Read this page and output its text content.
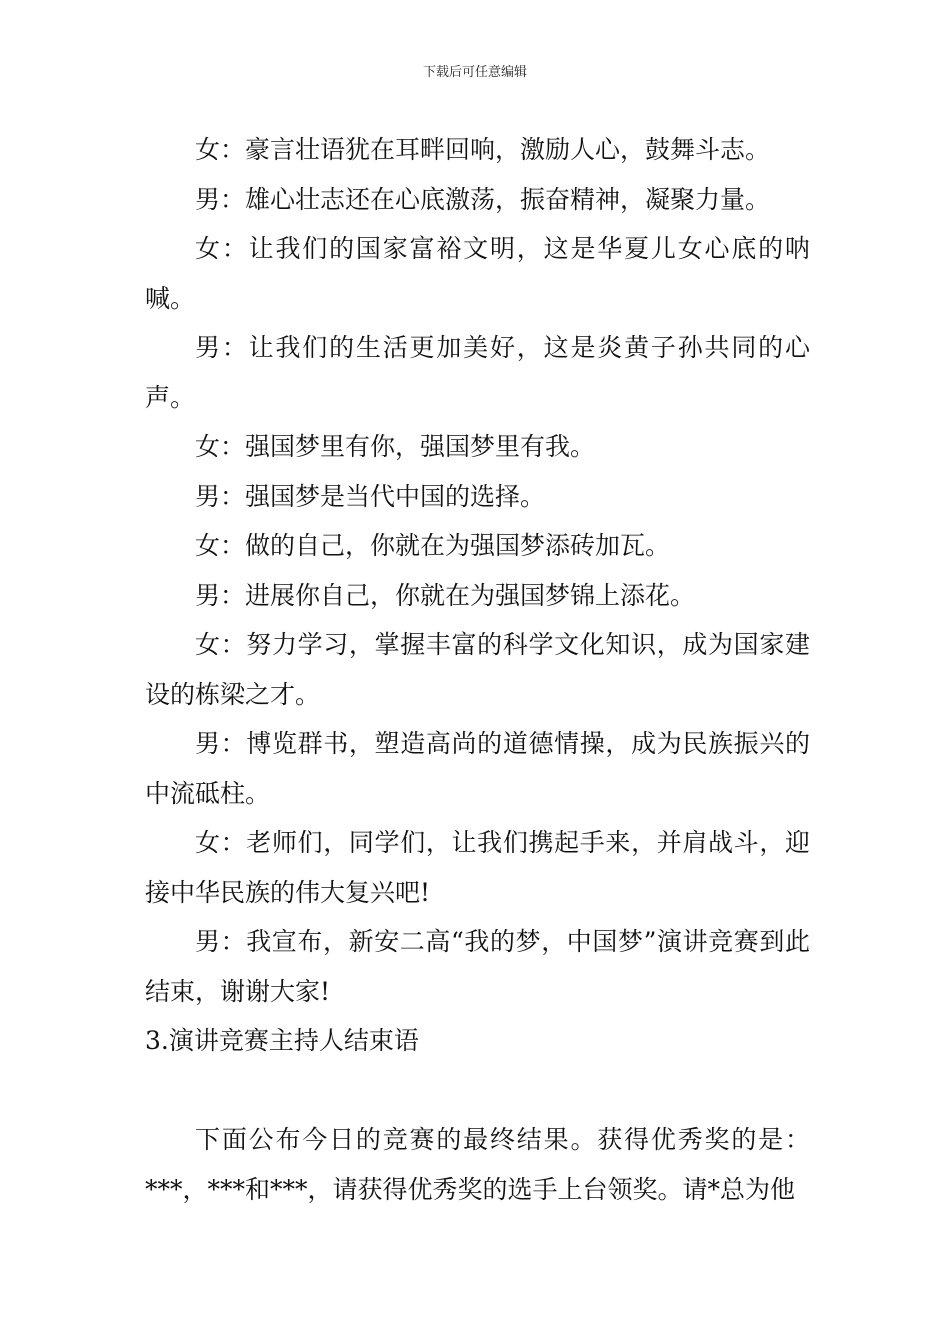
下载后可任意编辑

女：豪言壮语犹在耳畔回响，激励人心，鼓舞斗志。

男：雄心壮志还在心底激荡，振奋精神，凝聚力量。

女：让我们的国家富裕文明，这是华夏儿女心底的呐喊。

男：让我们的生活更加美好，这是炎黄子孙共同的心声。

女：强国梦里有你，强国梦里有我。

男：强国梦是当代中国的选择。

女：做的自己，你就在为强国梦添砖加瓦。

男：进展你自己，你就在为强国梦锦上添花。

女：努力学习，掌握丰富的科学文化知识，成为国家建设的栋梁之才。

男：博览群书，塑造高尚的道德情操，成为民族振兴的中流砥柱。

女：老师们，同学们，让我们携起手来，并肩战斗，迎接中华民族的伟大复兴吧!

男：我宣布，新安二高“我的梦，中国梦”演讲竞赛到此结束，谢谢大家!

3.演讲竞赛主持人结束语

下面公布今日的竞赛的最终结果。获得优秀奖的是：***，***和***，请获得优秀奖的选手上台领奖。请*总为他
